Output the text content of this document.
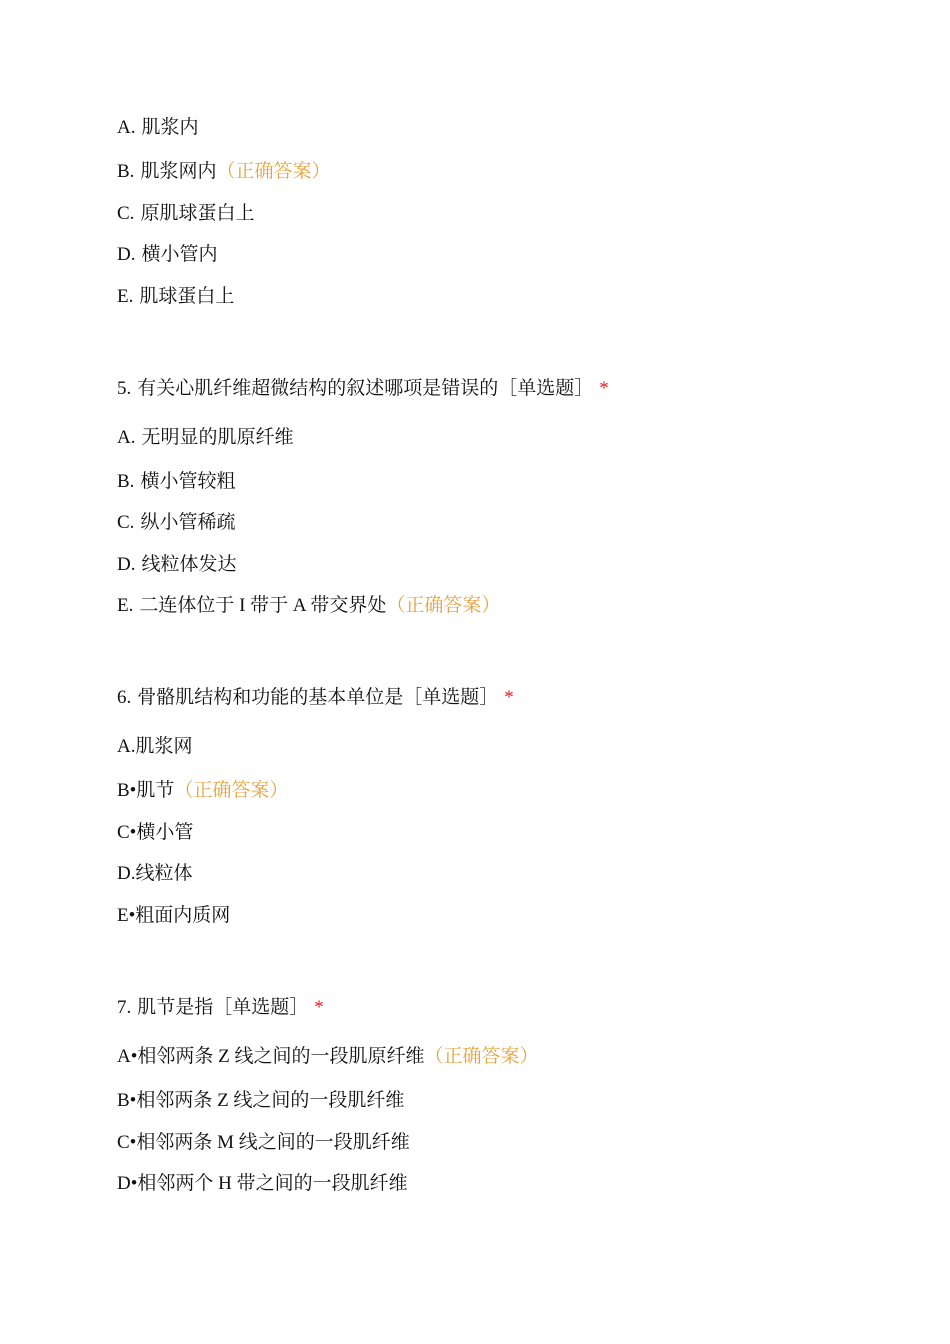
A. 肌浆内
B. 肌浆网内（正确答案）
C. 原肌球蛋白上
D. 横小管内
E. 肌球蛋白上
5. 有关心肌纤维超微结构的叙述哪项是错误的［单选题］ *
A. 无明显的肌原纤维
B. 横小管较粗
C. 纵小管稀疏
D. 线粒体发达
E. 二连体位于 I 带于 A 带交界处（正确答案）
6. 骨骼肌结构和功能的基本单位是［单选题］ *
A.肌浆网
B•肌节（正确答案）
C•横小管
D.线粒体
E•粗面内质网
7. 肌节是指［单选题］ *
A•相邻两条 Z 线之间的一段肌原纤维（正确答案）
B•相邻两条 Z 线之间的一段肌纤维
C•相邻两条 M 线之间的一段肌纤维
D•相邻两个 H 带之间的一段肌纤维
